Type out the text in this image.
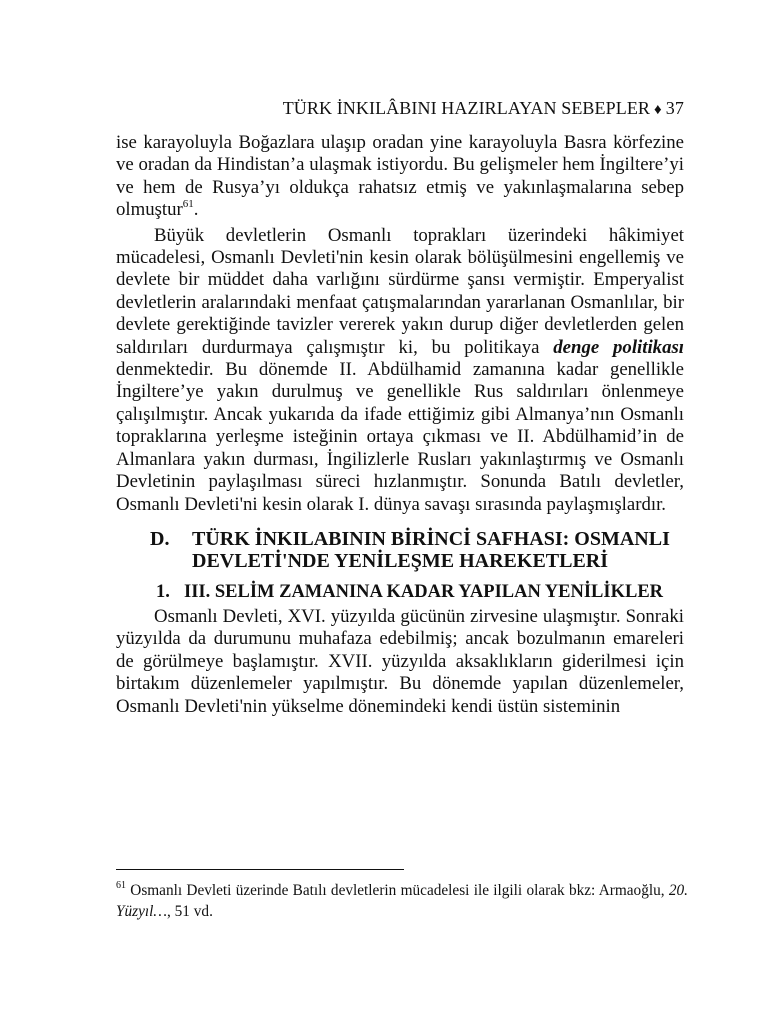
TÜRK İNKILÂBINI HAZIRLAYAN SEBEPLER ♦ 37

ise karayoluyla Boğazlara ulaşıp oradan yine karayoluyla Basra körfezine ve oradan da Hindistan’a ulaşmak istiyordu. Bu gelişmeler hem İngiltere’yi ve hem de Rusya’yı oldukça rahatsız etmiş ve yakınlaşmalarına sebep olmuştur$^{61}$.

Büyük devletlerin Osmanlı toprakları üzerindeki hâkimiyet mücadelesi, Osmanlı Devleti'nin kesin olarak bölüşülmesini engellemiş ve devlete bir müddet daha varlığını sürdürme şansı vermiştir. Emperyalist devletlerin aralarındaki menfaat çatışmalarından yararlanan Osmanlılar, bir devlete gerektiğinde tavizler vererek yakın durup diğer devletlerden gelen saldırıları durdurmaya çalışmıştır ki, bu politikaya denge politikası denmektedir. Bu dönemde II. Abdülhamid zamanına kadar genellikle İngiltere’ye yakın durulmuş ve genellikle Rus saldırıları önlenmeye çalışılmıştır. Ancak yukarıda da ifade ettiğimiz gibi Almanya’nın Osmanlı topraklarına yerleşme isteğinin ortaya çıkması ve II. Abdülhamid’in de Almanlara yakın durması, İngilizlerle Rusları yakınlaştırmış ve Osmanlı Devletinin paylaşılması süreci hızlanmıştır. Sonunda Batılı devletler, Osmanlı Devleti'ni kesin olarak I. dünya savaşı sırasında paylaşmışlardır.

D.	TÜRK İNKILABININ BİRİNCİ SAFHASI: OSMANLI DEVLETİ'NDE YENİLEŞME HAREKETLERİ
1. III. SELİM ZAMANINA KADAR YAPILAN YENİLİKLER

Osmanlı Devleti, XVI. yüzyılda gücünün zirvesine ulaşmıştır. Sonraki yüzyılda da durumunu muhafaza edebilmiş; ancak bozulmanın emareleri de görülmeye başlamıştır. XVII. yüzyılda aksaklıkların giderilmesi için birtakım düzenlemeler yapılmıştır. Bu dönemde yapılan düzenlemeler, Osmanlı Devleti'nin yükselme dönemindeki kendi üstün sisteminin

$^{61}$ Osmanlı Devleti üzerinde Batılı devletlerin mücadelesi ile ilgili olarak bkz: Armaoğlu, 20. Yüzyıl…, 51 vd.
